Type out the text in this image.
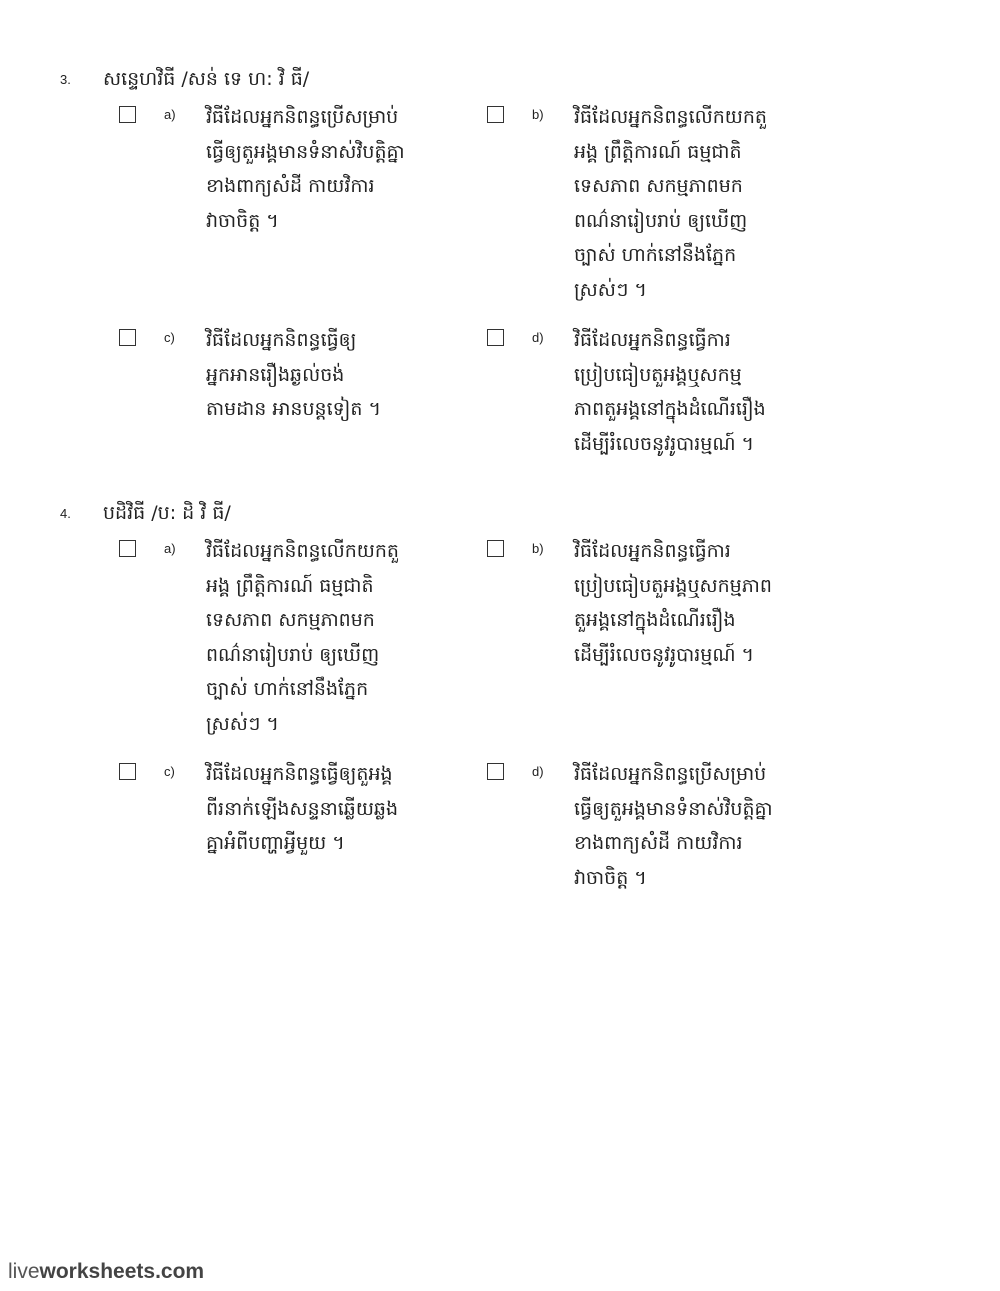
3. សន្ទេហវិធី /សន់ ទេ ហ: វិ ធី/
a) វិធីដែលអ្នកនិពន្ធប្រើសម្រាប់
ធ្វើឲ្យតួអង្គមានទំនាស់វិបត្តិគ្នា
ខាងពាក្យសំដី កាយវិការ
វាចាចិត្ត ។
b) វិធីដែលអ្នកនិពន្ធលើកយកតួ
អង្គ ព្រឹត្តិការណ៍ ធម្មជាតិ
ទេសភាព សកម្មភាពមក
ពណ៌នារៀបរាប់ ឲ្យឃើញ
ច្បាស់ ហាក់នៅនឹងភ្នែក
ស្រស់ៗ ។
c) វិធីដែលអ្នកនិពន្ធធ្វើឲ្យ
អ្នកអានរឿងឆ្ងល់ចង់
តាមដាន អានបន្តទៀត ។
d) វិធីដែលអ្នកនិពន្ធធ្វើការ
ប្រៀបធៀបតួអង្គឬសកម្ម
ភាពតួអង្គនៅក្នុងដំណើររឿង
ដើម្បីរំលេចនូវរូបារម្មណ៍ ។
4. បដិវិធី /ប: ដិ វិ ធី/
a) វិធីដែលអ្នកនិពន្ធលើកយកតួ
អង្គ ព្រឹត្តិការណ៍ ធម្មជាតិ
ទេសភាព សកម្មភាពមក
ពណ៌នារៀបរាប់ ឲ្យឃើញ
ច្បាស់ ហាក់នៅនឹងភ្នែក
ស្រស់ៗ ។
b) វិធីដែលអ្នកនិពន្ធធ្វើការ
ប្រៀបធៀបតួអង្គឬសកម្មភាព
តួអង្គនៅក្នុងដំណើររឿង
ដើម្បីរំលេចនូវរូបារម្មណ៍ ។
c) វិធីដែលអ្នកនិពន្ធធ្វើឲ្យតួអង្គ
ពីរនាក់ឡើងសន្ទនាឆ្លើយឆ្លង
គ្នាអំពីបញ្ហាអ្វីមួយ ។
d) វិធីដែលអ្នកនិពន្ធប្រើសម្រាប់
ធ្វើឲ្យតួអង្គមានទំនាស់វិបត្តិគ្នា
ខាងពាក្យសំដី កាយវិការ
វាចាចិត្ត ។
liveworksheets.com
